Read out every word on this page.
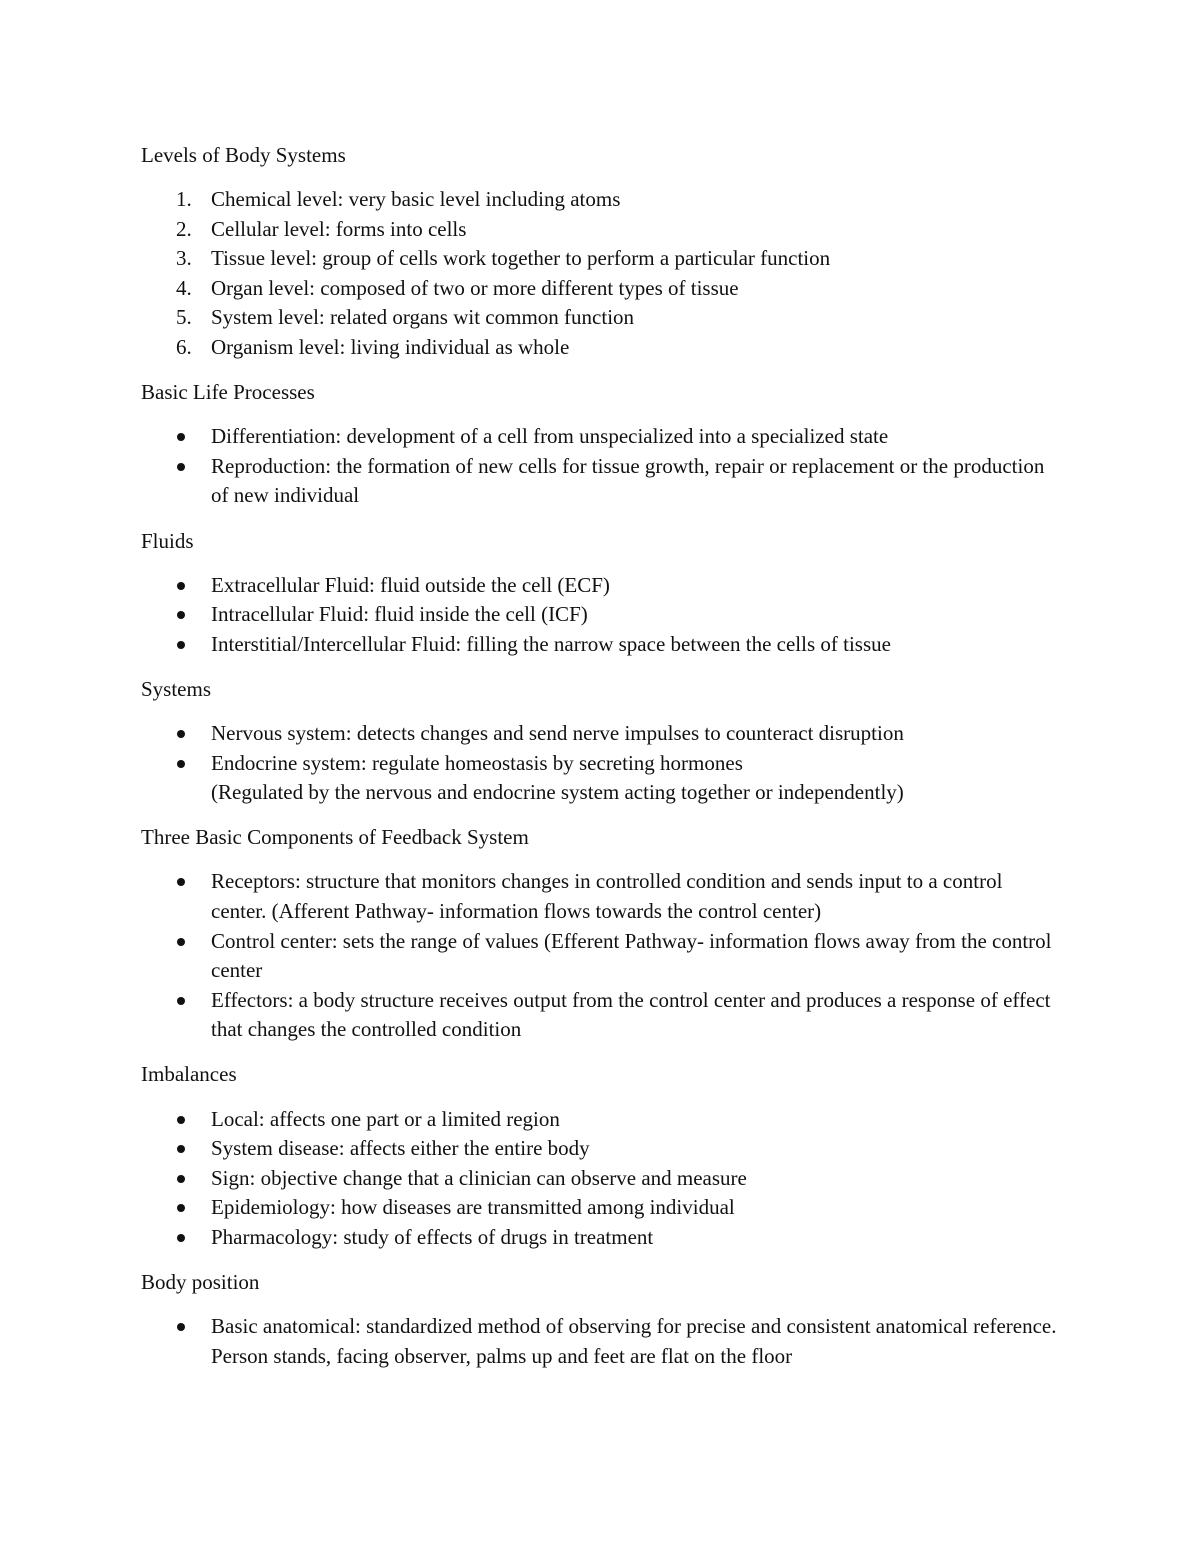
Levels of Body Systems
1. Chemical level: very basic level including atoms
2. Cellular level: forms into cells
3. Tissue level: group of cells work together to perform a particular function
4. Organ level: composed of two or more different types of tissue
5. System level: related organs wit common function
6. Organism level: living individual as whole
Basic Life Processes
Differentiation: development of a cell from unspecialized into a specialized state
Reproduction: the formation of new cells for tissue growth, repair or replacement or the production of new individual
Fluids
Extracellular Fluid: fluid outside the cell (ECF)
Intracellular Fluid: fluid inside the cell (ICF)
Interstitial/Intercellular Fluid: filling the narrow space between the cells of tissue
Systems
Nervous system: detects changes and send nerve impulses to counteract disruption
Endocrine system: regulate homeostasis by secreting hormones
(Regulated by the nervous and endocrine system acting together or independently)
Three Basic Components of Feedback System
Receptors: structure that monitors changes in controlled condition and sends input to a control center. (Afferent Pathway- information flows towards the control center)
Control center: sets the range of values (Efferent Pathway- information flows away from the control center
Effectors: a body structure receives output from the control center and produces a response of effect that changes the controlled condition
Imbalances
Local: affects one part or a limited region
System disease: affects either the entire body
Sign: objective change that a clinician can observe and measure
Epidemiology: how diseases are transmitted among individual
Pharmacology: study of effects of drugs in treatment
Body position
Basic anatomical: standardized method of observing for precise and consistent anatomical reference. Person stands, facing observer, palms up and feet are flat on the floor
